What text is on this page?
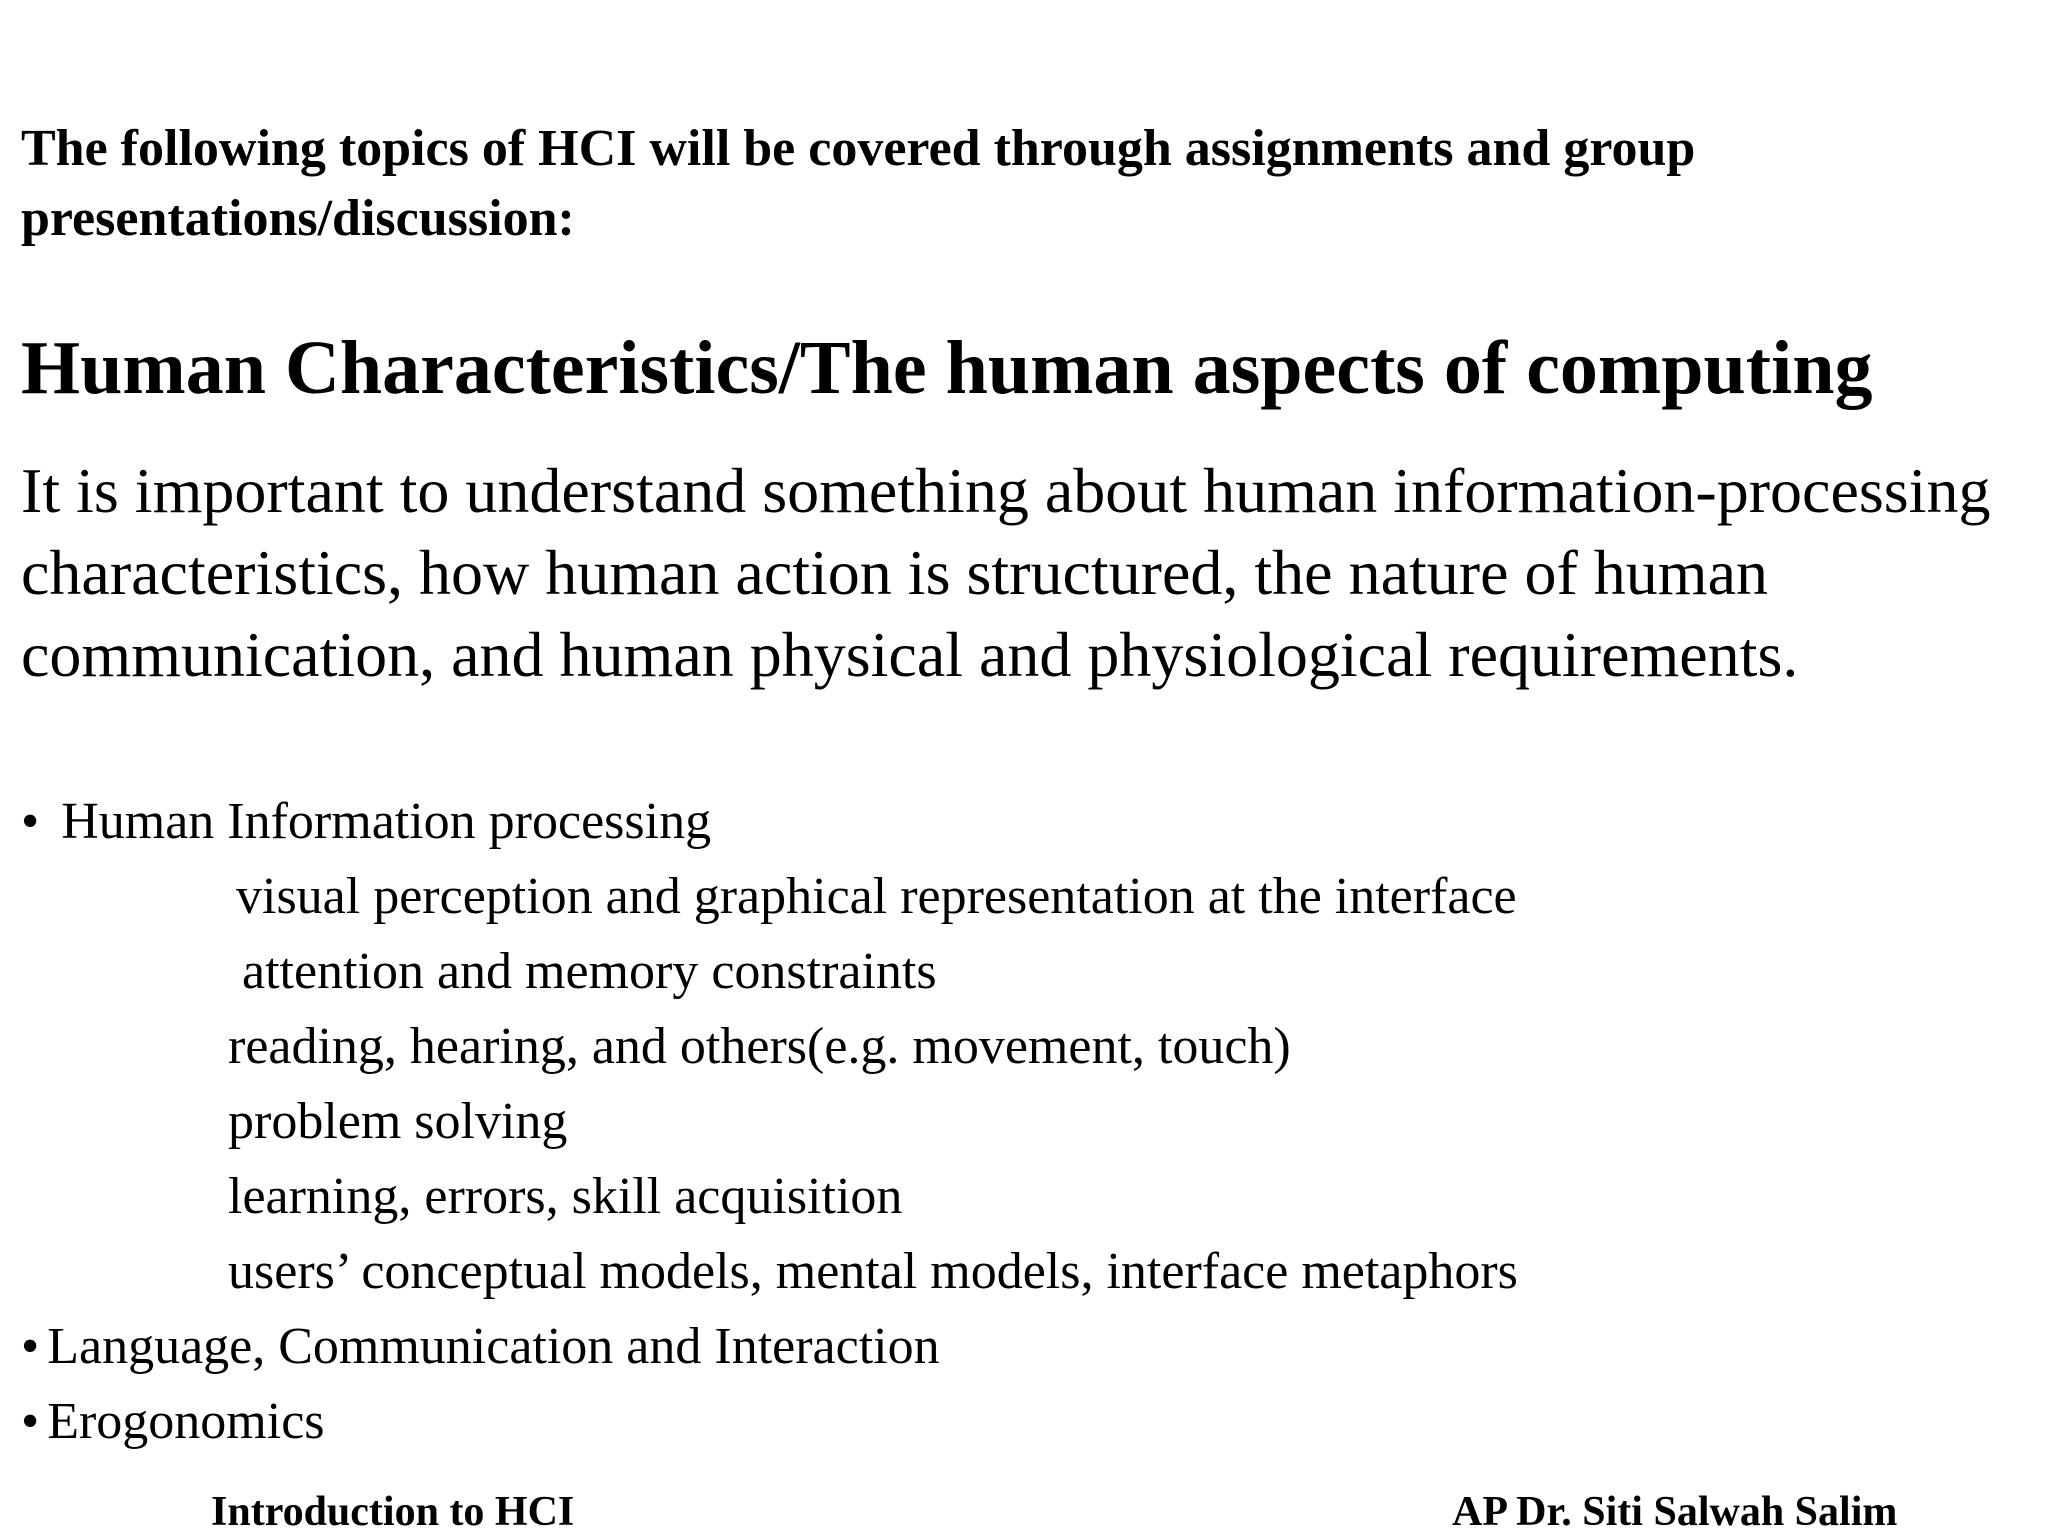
The following topics of HCI will be covered through assignments and group presentations/discussion:
Human Characteristics/The human aspects of computing
It is important to understand something about human information-processing characteristics, how human action is structured, the nature of human communication, and human physical and physiological requirements.
• Human Information processing
visual perception and graphical representation at the interface
attention and memory constraints
reading, hearing, and others(e.g. movement, touch)
problem solving
learning, errors, skill acquisition
users’ conceptual models, mental models, interface metaphors
• Language, Communication and Interaction
• Erogonomics
Introduction to HCI	AP Dr. Siti Salwah Salim
